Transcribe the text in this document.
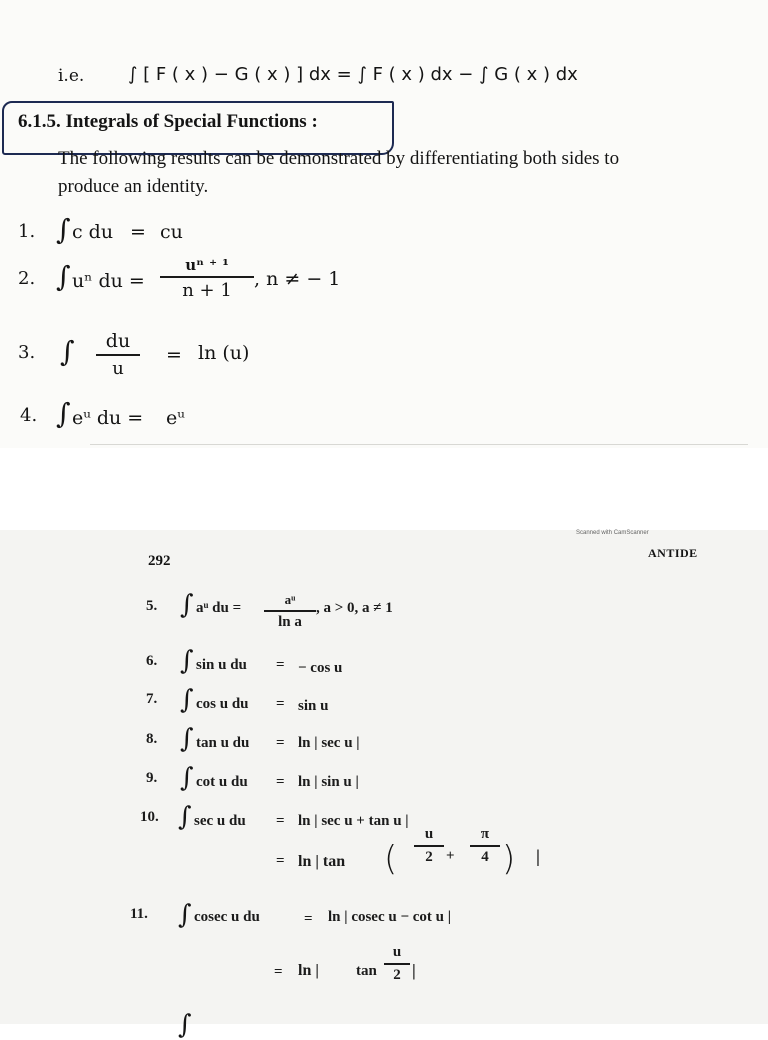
i.e. ∫ [ F ( x ) − G ( x ) ] dx = ∫ F ( x ) dx − ∫ G ( x ) dx
6.1.5. Integrals of Special Functions :
The following results can be demonstrated by differentiating both sides to
produce an identity.
1. ∫ c du = cu
2. ∫ uⁿ du =
uⁿ ⁺ ¹
n + 1
, n ≠ − 1
3. ∫	du
u
= ln (u)
4. ∫ eᵘ du = eᵘ
Scanned with CamScanner
292	ANTIDE
5. ∫ aᵘ du =
aᵘ
ln a
, a > 0, a ≠ 1
6. ∫ sin u du = − cos u
7. ∫ cos u du = sin u
8. ∫ tan u du = ln | sec u |
9. ∫ cot u du = ln | sin u |
10. ∫ sec u du = ln | sec u + tan u |
= ln | tan (
u
2 +
π
4 ) |
11. ∫ cosec u du	= ln | cosec u − cot u |
= ln | tan
u
2 |
∫
